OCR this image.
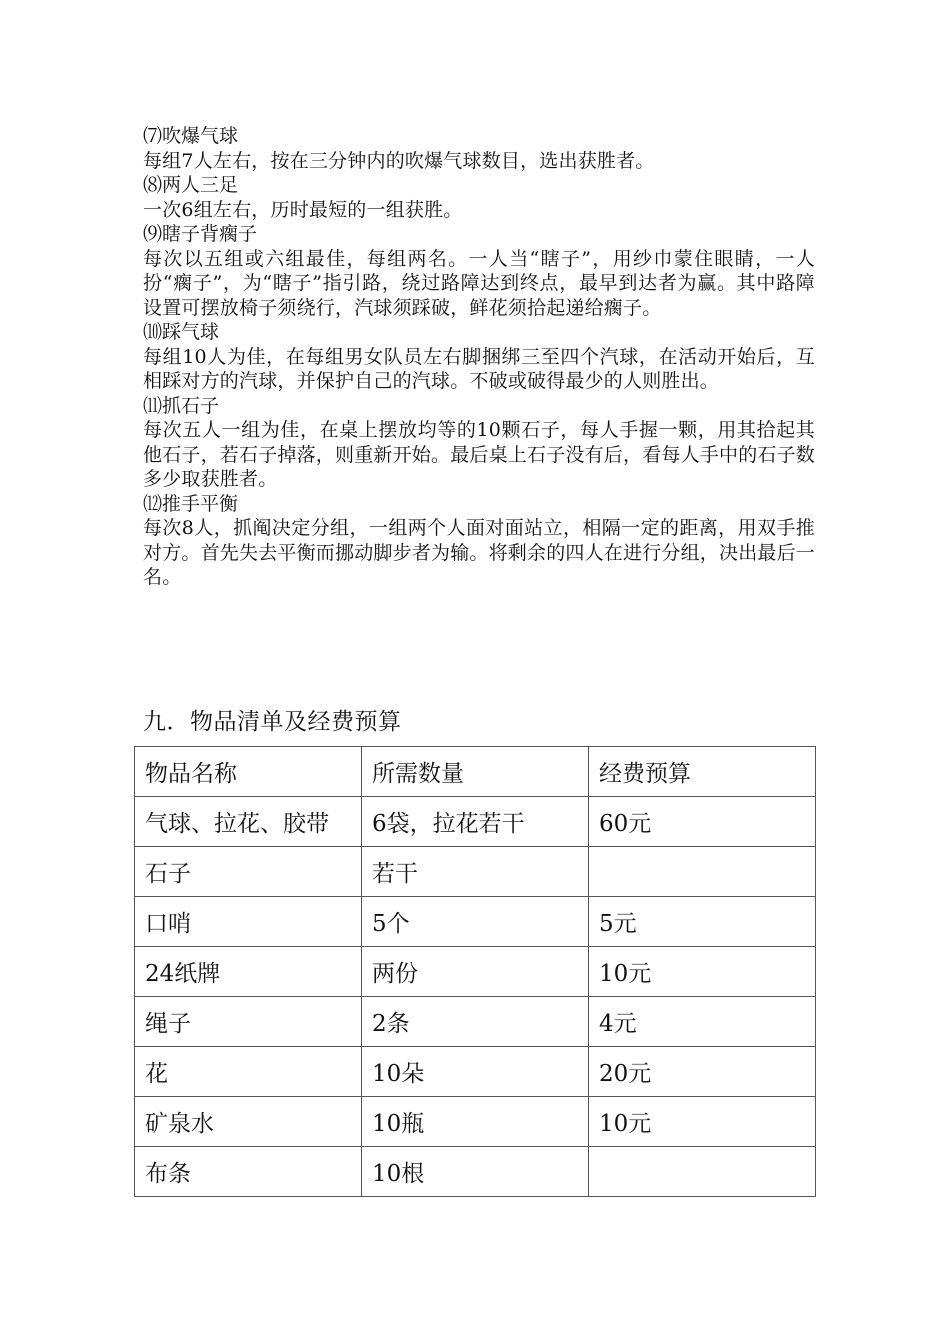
⑺吹爆气球

每组7人左右，按在三分钟内的吹爆气球数目，选出获胜者。

⑻两人三足

一次6组左右，历时最短的一组获胜。

⑼瞎子背瘸子

每次以五组或六组最佳，每组两名。一人当“瞎子”，用纱巾蒙住眼睛，一人扮“瘸子”，为“瞎子”指引路，绕过路障达到终点，最早到达者为赢。其中路障设置可摆放椅子须绕行，汽球须踩破，鲜花须拾起递给瘸子。

⑽踩气球

每组10人为佳，在每组男女队员左右脚捆绑三至四个汽球，在活动开始后，互相踩对方的汽球，并保护自己的汽球。不破或破得最少的人则胜出。

⑾抓石子

每次五人一组为佳，在桌上摆放均等的10颗石子，每人手握一颗，用其拾起其他石子，若石子掉落，则重新开始。最后桌上石子没有后，看每人手中的石子数多少取获胜者。

⑿推手平衡

每次8人，抓阄决定分组，一组两个人面对面站立，相隔一定的距离，用双手推对方。首先失去平衡而挪动脚步者为输。将剩余的四人在进行分组，决出最后一名。

九．物品清单及经费预算

物品名称	所需数量	经费预算
气球、拉花、胶带	6袋，拉花若干	60元
石子	若干	
口哨	5个	5元
24纸牌	两份	10元
绳子	2条	4元
花	10朵	20元
矿泉水	10瓶	10元
布条	10根	
